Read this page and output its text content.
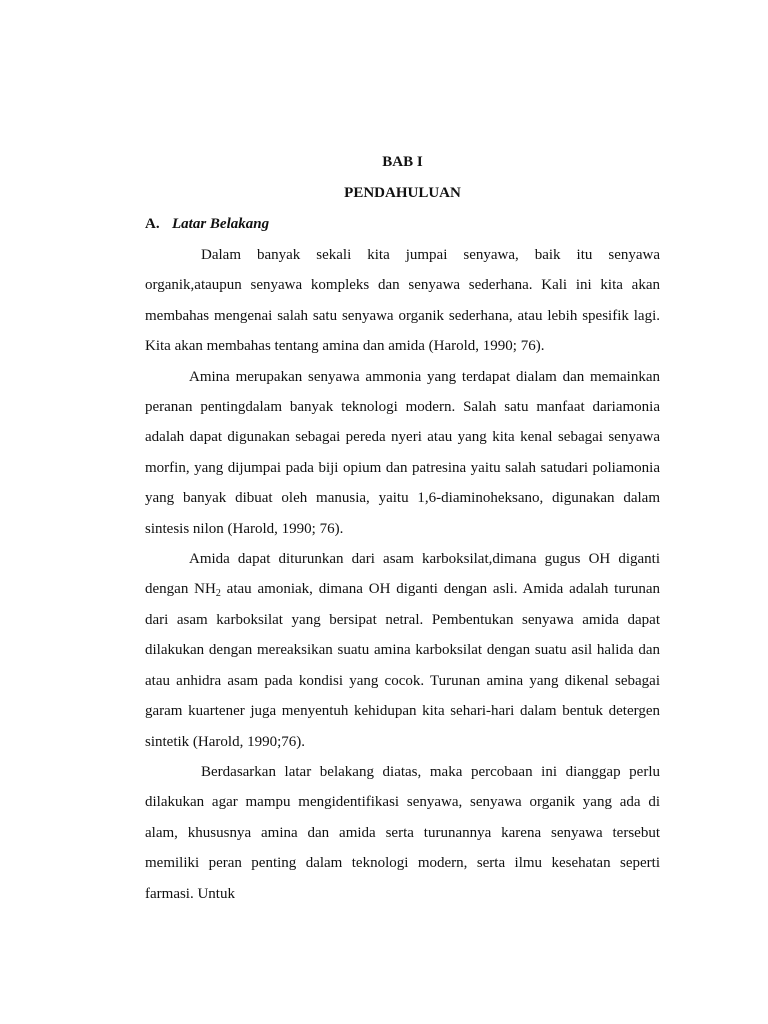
BAB I
PENDAHULUAN
A. Latar Belakang

Dalam banyak sekali kita jumpai senyawa, baik itu senyawa organik,ataupun senyawa kompleks dan senyawa sederhana. Kali ini kita akan membahas mengenai salah satu senyawa organik sederhana, atau lebih spesifik lagi. Kita akan membahas tentang amina dan amida (Harold, 1990; 76).

Amina merupakan senyawa ammonia yang terdapat dialam dan memainkan peranan pentingdalam banyak teknologi modern. Salah satu manfaat dariamonia adalah dapat digunakan sebagai pereda nyeri atau yang kita kenal sebagai senyawa morfin, yang dijumpai pada biji opium dan patresina yaitu salah satudari poliamonia yang banyak dibuat oleh manusia, yaitu 1,6-diaminoheksano, digunakan dalam sintesis nilon (Harold, 1990; 76).

Amida dapat diturunkan dari asam karboksilat,dimana gugus OH diganti dengan $NH_2$ atau amoniak, dimana OH diganti dengan asli. Amida adalah turunan dari asam karboksilat yang bersipat netral. Pembentukan senyawa amida dapat dilakukan dengan mereaksikan suatu amina karboksilat dengan suatu asil halida dan atau anhidra asam pada kondisi yang cocok. Turunan amina yang dikenal sebagai garam kuartener juga menyentuh kehidupan kita sehari-hari dalam bentuk detergen sintetik (Harold, 1990;76).

Berdasarkan latar belakang diatas, maka percobaan ini dianggap perlu dilakukan agar mampu mengidentifikasi senyawa, senyawa organik yang ada di alam, khususnya amina dan amida serta turunannya karena senyawa tersebut memiliki peran penting dalam teknologi modern, serta ilmu kesehatan seperti farmasi. Untuk
